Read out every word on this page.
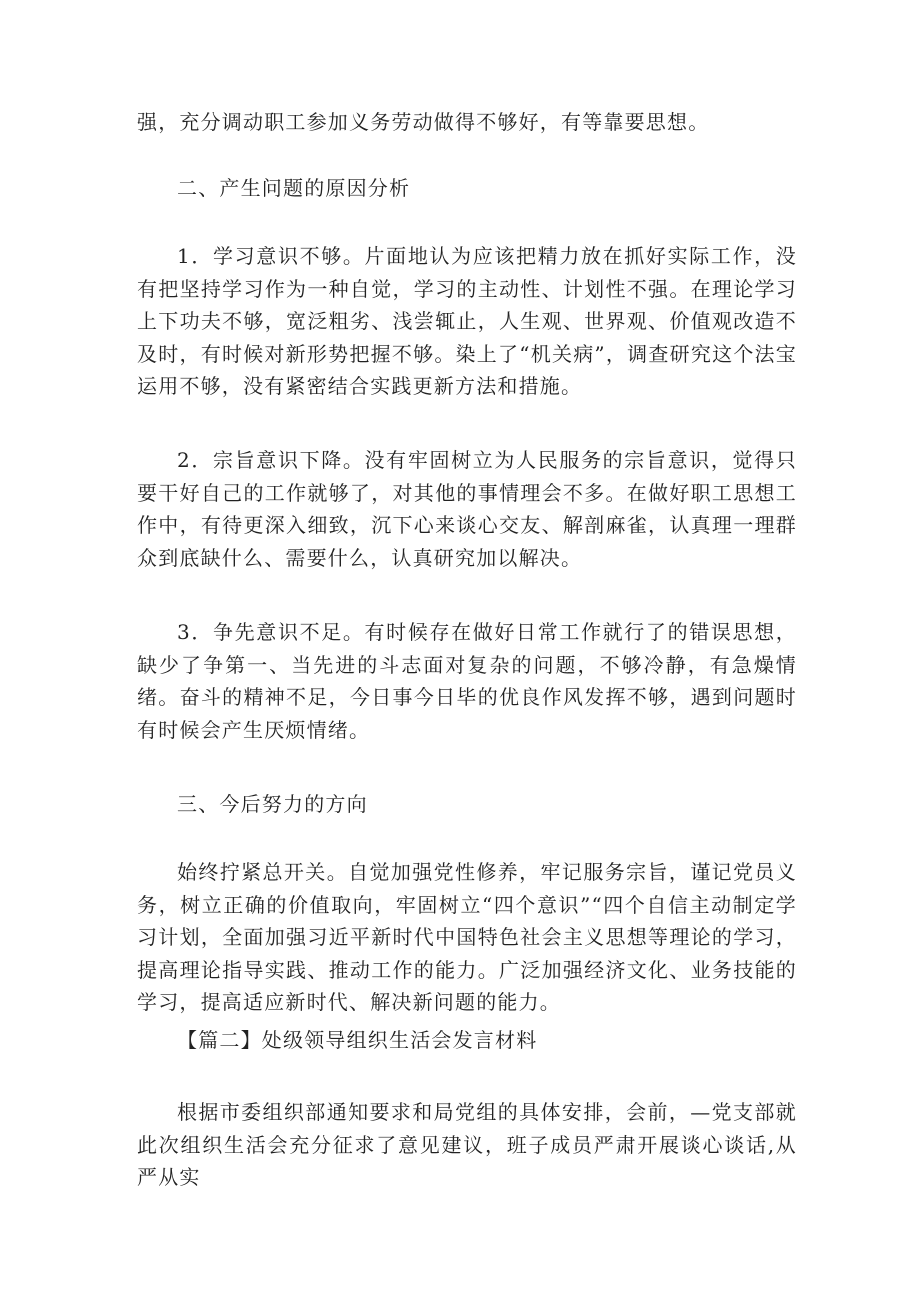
强，充分调动职工参加义务劳动做得不够好，有等靠要思想。

二、产生问题的原因分析

1．学习意识不够。片面地认为应该把精力放在抓好实际工作，没有把坚持学习作为一种自觉，学习的主动性、计划性不强。在理论学习上下功夫不够，宽泛粗劣、浅尝辄止，人生观、世界观、价值观改造不及时，有时候对新形势把握不够。染上了“机关病”，调查研究这个法宝运用不够，没有紧密结合实践更新方法和措施。

2．宗旨意识下降。没有牢固树立为人民服务的宗旨意识，觉得只要干好自己的工作就够了，对其他的事情理会不多。在做好职工思想工作中，有待更深入细致，沉下心来谈心交友、解剖麻雀，认真理一理群众到底缺什么、需要什么，认真研究加以解决。

3．争先意识不足。有时候存在做好日常工作就行了的错误思想，缺少了争第一、当先进的斗志面对复杂的问题，不够冷静，有急燥情绪。奋斗的精神不足，今日事今日毕的优良作风发挥不够，遇到问题时有时候会产生厌烦情绪。

三、今后努力的方向

始终拧紧总开关。自觉加强党性修养，牢记服务宗旨，谨记党员义务，树立正确的价值取向，牢固树立“四个意识”“四个自信主动制定学习计划，全面加强习近平新时代中国特色社会主义思想等理论的学习，提高理论指导实践、推动工作的能力。广泛加强经济文化、业务技能的学习，提高适应新时代、解决新问题的能力。

【篇二】处级领导组织生活会发言材料

根据市委组织部通知要求和局党组的具体安排，会前，—党支部就此次组织生活会充分征求了意见建议，班子成员严肃开展谈心谈话,从严从实
